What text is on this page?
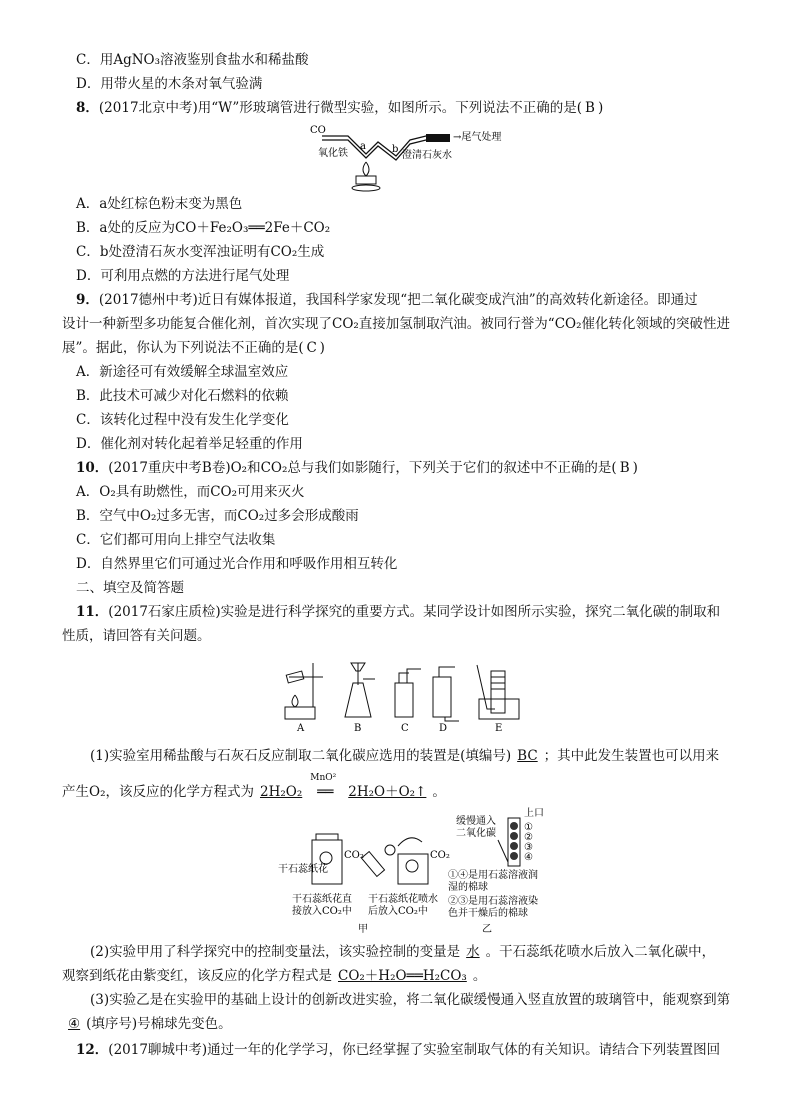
C．用AgNO₃溶液鉴别食盐水和稀盐酸
D．用带火星的木条对氧气验满
8．(2017北京中考)用“W”形玻璃管进行微型实验，如图所示。下列说法不正确的是( B )
CO
→尾气处理
a	b
氧化铁	澄清石灰水
A．a处红棕色粉末变为黑色
B．a处的反应为CO＋Fe₂O₃══2Fe＋CO₂
C．b处澄清石灰水变浑浊证明有CO₂生成
D．可利用点燃的方法进行尾气处理
9．(2017德州中考)近日有媒体报道，我国科学家发现“把二氧化碳变成汽油”的高效转化新途径。即通过
设计一种新型多功能复合催化剂，首次实现了CO₂直接加氢制取汽油。被同行誉为“CO₂催化转化领域的突破性进
展”。据此，你认为下列说法不正确的是( C )
A．新途径可有效缓解全球温室效应
B．此技术可减少对化石燃料的依赖
C．该转化过程中没有发生化学变化
D．催化剂对转化起着举足轻重的作用
10．(2017重庆中考B卷)O₂和CO₂总与我们如影随行，下列关于它们的叙述中不正确的是( B )
A．O₂具有助燃性，而CO₂可用来灭火
B．空气中O₂过多无害，而CO₂过多会形成酸雨
C．它们都可用向上排空气法收集
D．自然界里它们可通过光合作用和呼吸作用相互转化
二、填空及简答题
11．(2017石家庄质检)实验是进行科学探究的重要方式。某同学设计如图所示实验，探究二氧化碳的制取和
性质，请回答有关问题。
A	B	C	D	E
(1)实验室用稀盐酸与石灰石反应制取二氧化碳应选用的装置是(填编号) BC ；其中此发生装置也可以用来
产生O₂，该反应的化学方程式为 2H₂O₂
MnO²
══ 2H₂O＋O₂↑ 。
CO₂
干石蕊纸花
CO₂
干石蕊纸花直
接放入CO₂中
干石蕊纸花喷水
后放入CO₂中
甲
上口
①
②
③
④
缓慢通入
二氧化碳
①④是用石蕊溶液润
湿的棉球
②③是用石蕊溶液染
色并干燥后的棉球
乙
(2)实验甲用了科学探究中的控制变量法，该实验控制的变量是 水 。干石蕊纸花喷水后放入二氧化碳中，
观察到纸花由紫变红，该反应的化学方程式是 CO₂＋H₂O══H₂CO₃ 。
(3)实验乙是在实验甲的基础上设计的创新改进实验，将二氧化碳缓慢通入竖直放置的玻璃管中，能观察到第
④ (填序号)号棉球先变色。
12．(2017聊城中考)通过一年的化学学习，你已经掌握了实验室制取气体的有关知识。请结合下列装置图回
